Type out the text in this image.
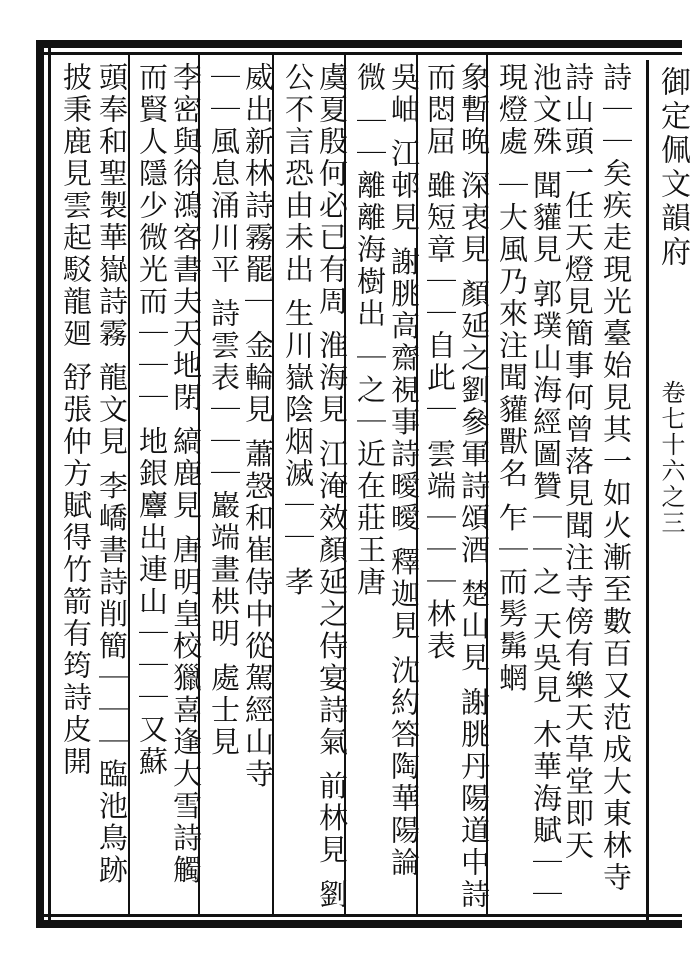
御定佩文韻府
卷七十六之三
詩｜｜矣疾走現光臺始見其一如火漸至數百又范成大東林寺
詩山頭一任天燈見簡事何曾落見聞注寺傍有樂天草堂即天
池文殊 聞貛見 郭璞山海經圖贊｜｜之 天吳見 木華海賦｜｜
現燈處 ｜大風乃來注聞貛獸名 乍｜而髣髴蝄
象暫晚 深衷見 顏延之劉參軍詩頌酒 楚山見 謝朓丹陽道中詩
而悶屈 雖短章｜｜自此｜ 雲端｜｜｜林表
吳岫 江邨見 謝朓高齋視事詩曖曖 釋迦見 沈約答陶華陽論
微 ｜｜離離海樹出 ｜之｜近在莊王唐
虞夏殷何必已有周 淮海見 江淹效顏延之侍宴詩氣 前林見 劉
公不言恐由未出 生川嶽陰烟滅｜｜ 孝
威出新林詩霧罷｜ 金輪見 蕭愨和崔侍中從駕經山寺
｜｜風息涌川平 詩雲表｜｜｜巖端畫栱明 處士見
李密與徐鴻客書夫天地閉 縞鹿見 唐明皇校獵喜逢大雪詩觸
而賢人隱少微光而｜｜｜ 地銀麞出連山｜｜｜又蘇
頭奉和聖製華嶽詩霧 龍文見 李嶠書詩削簡｜｜｜臨池鳥跡
披秉鹿見雲起駁龍廻 舒張仲方賦得竹箭有筠詩皮開
